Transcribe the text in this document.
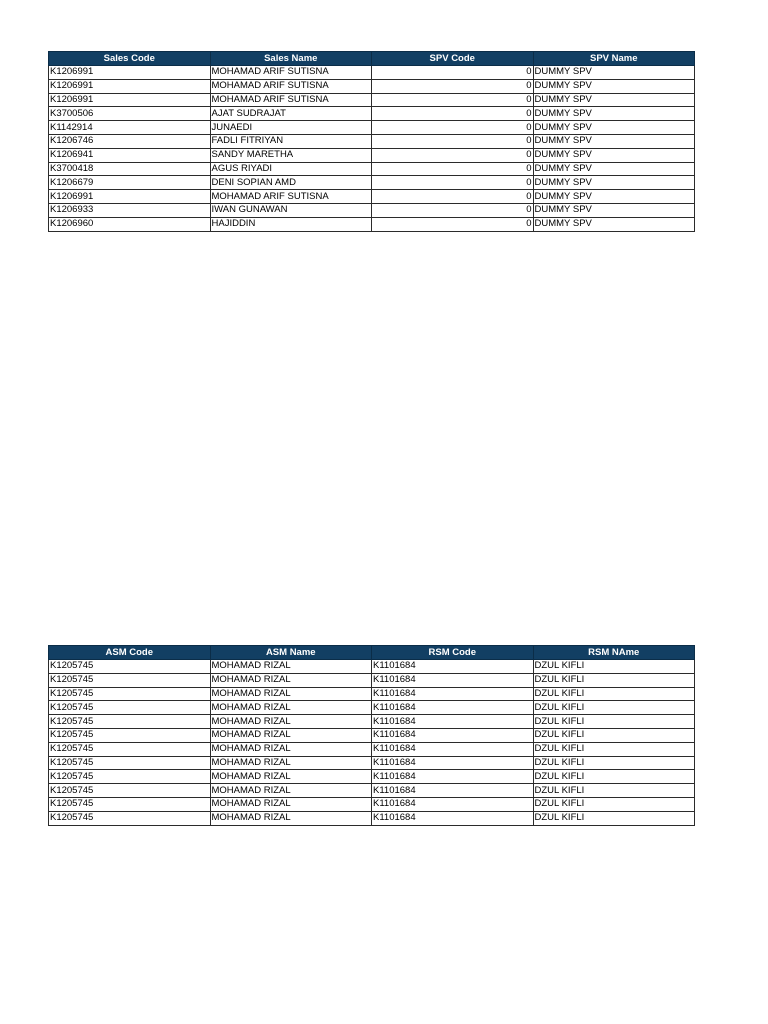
Sales Code	Sales Name	SPV Code	SPV Name
K1206991	MOHAMAD ARIF SUTISNA	0	DUMMY SPV
K1206991	MOHAMAD ARIF SUTISNA	0	DUMMY SPV
K1206991	MOHAMAD ARIF SUTISNA	0	DUMMY SPV
K3700506	AJAT SUDRAJAT	0	DUMMY SPV
K1142914	JUNAEDI	0	DUMMY SPV
K1206746	FADLI FITRIYAN	0	DUMMY SPV
K1206941	SANDY MARETHA	0	DUMMY SPV
K3700418	AGUS RIYADI	0	DUMMY SPV
K1206679	DENI SOPIAN AMD	0	DUMMY SPV
K1206991	MOHAMAD ARIF SUTISNA	0	DUMMY SPV
K1206933	IWAN GUNAWAN	0	DUMMY SPV
K1206960	HAJIDDIN	0	DUMMY SPV
ASM Code	ASM Name	RSM Code	RSM NAme
K1205745	MOHAMAD RIZAL	K1101684	DZUL KIFLI
K1205745	MOHAMAD RIZAL	K1101684	DZUL KIFLI
K1205745	MOHAMAD RIZAL	K1101684	DZUL KIFLI
K1205745	MOHAMAD RIZAL	K1101684	DZUL KIFLI
K1205745	MOHAMAD RIZAL	K1101684	DZUL KIFLI
K1205745	MOHAMAD RIZAL	K1101684	DZUL KIFLI
K1205745	MOHAMAD RIZAL	K1101684	DZUL KIFLI
K1205745	MOHAMAD RIZAL	K1101684	DZUL KIFLI
K1205745	MOHAMAD RIZAL	K1101684	DZUL KIFLI
K1205745	MOHAMAD RIZAL	K1101684	DZUL KIFLI
K1205745	MOHAMAD RIZAL	K1101684	DZUL KIFLI
K1205745	MOHAMAD RIZAL	K1101684	DZUL KIFLI
